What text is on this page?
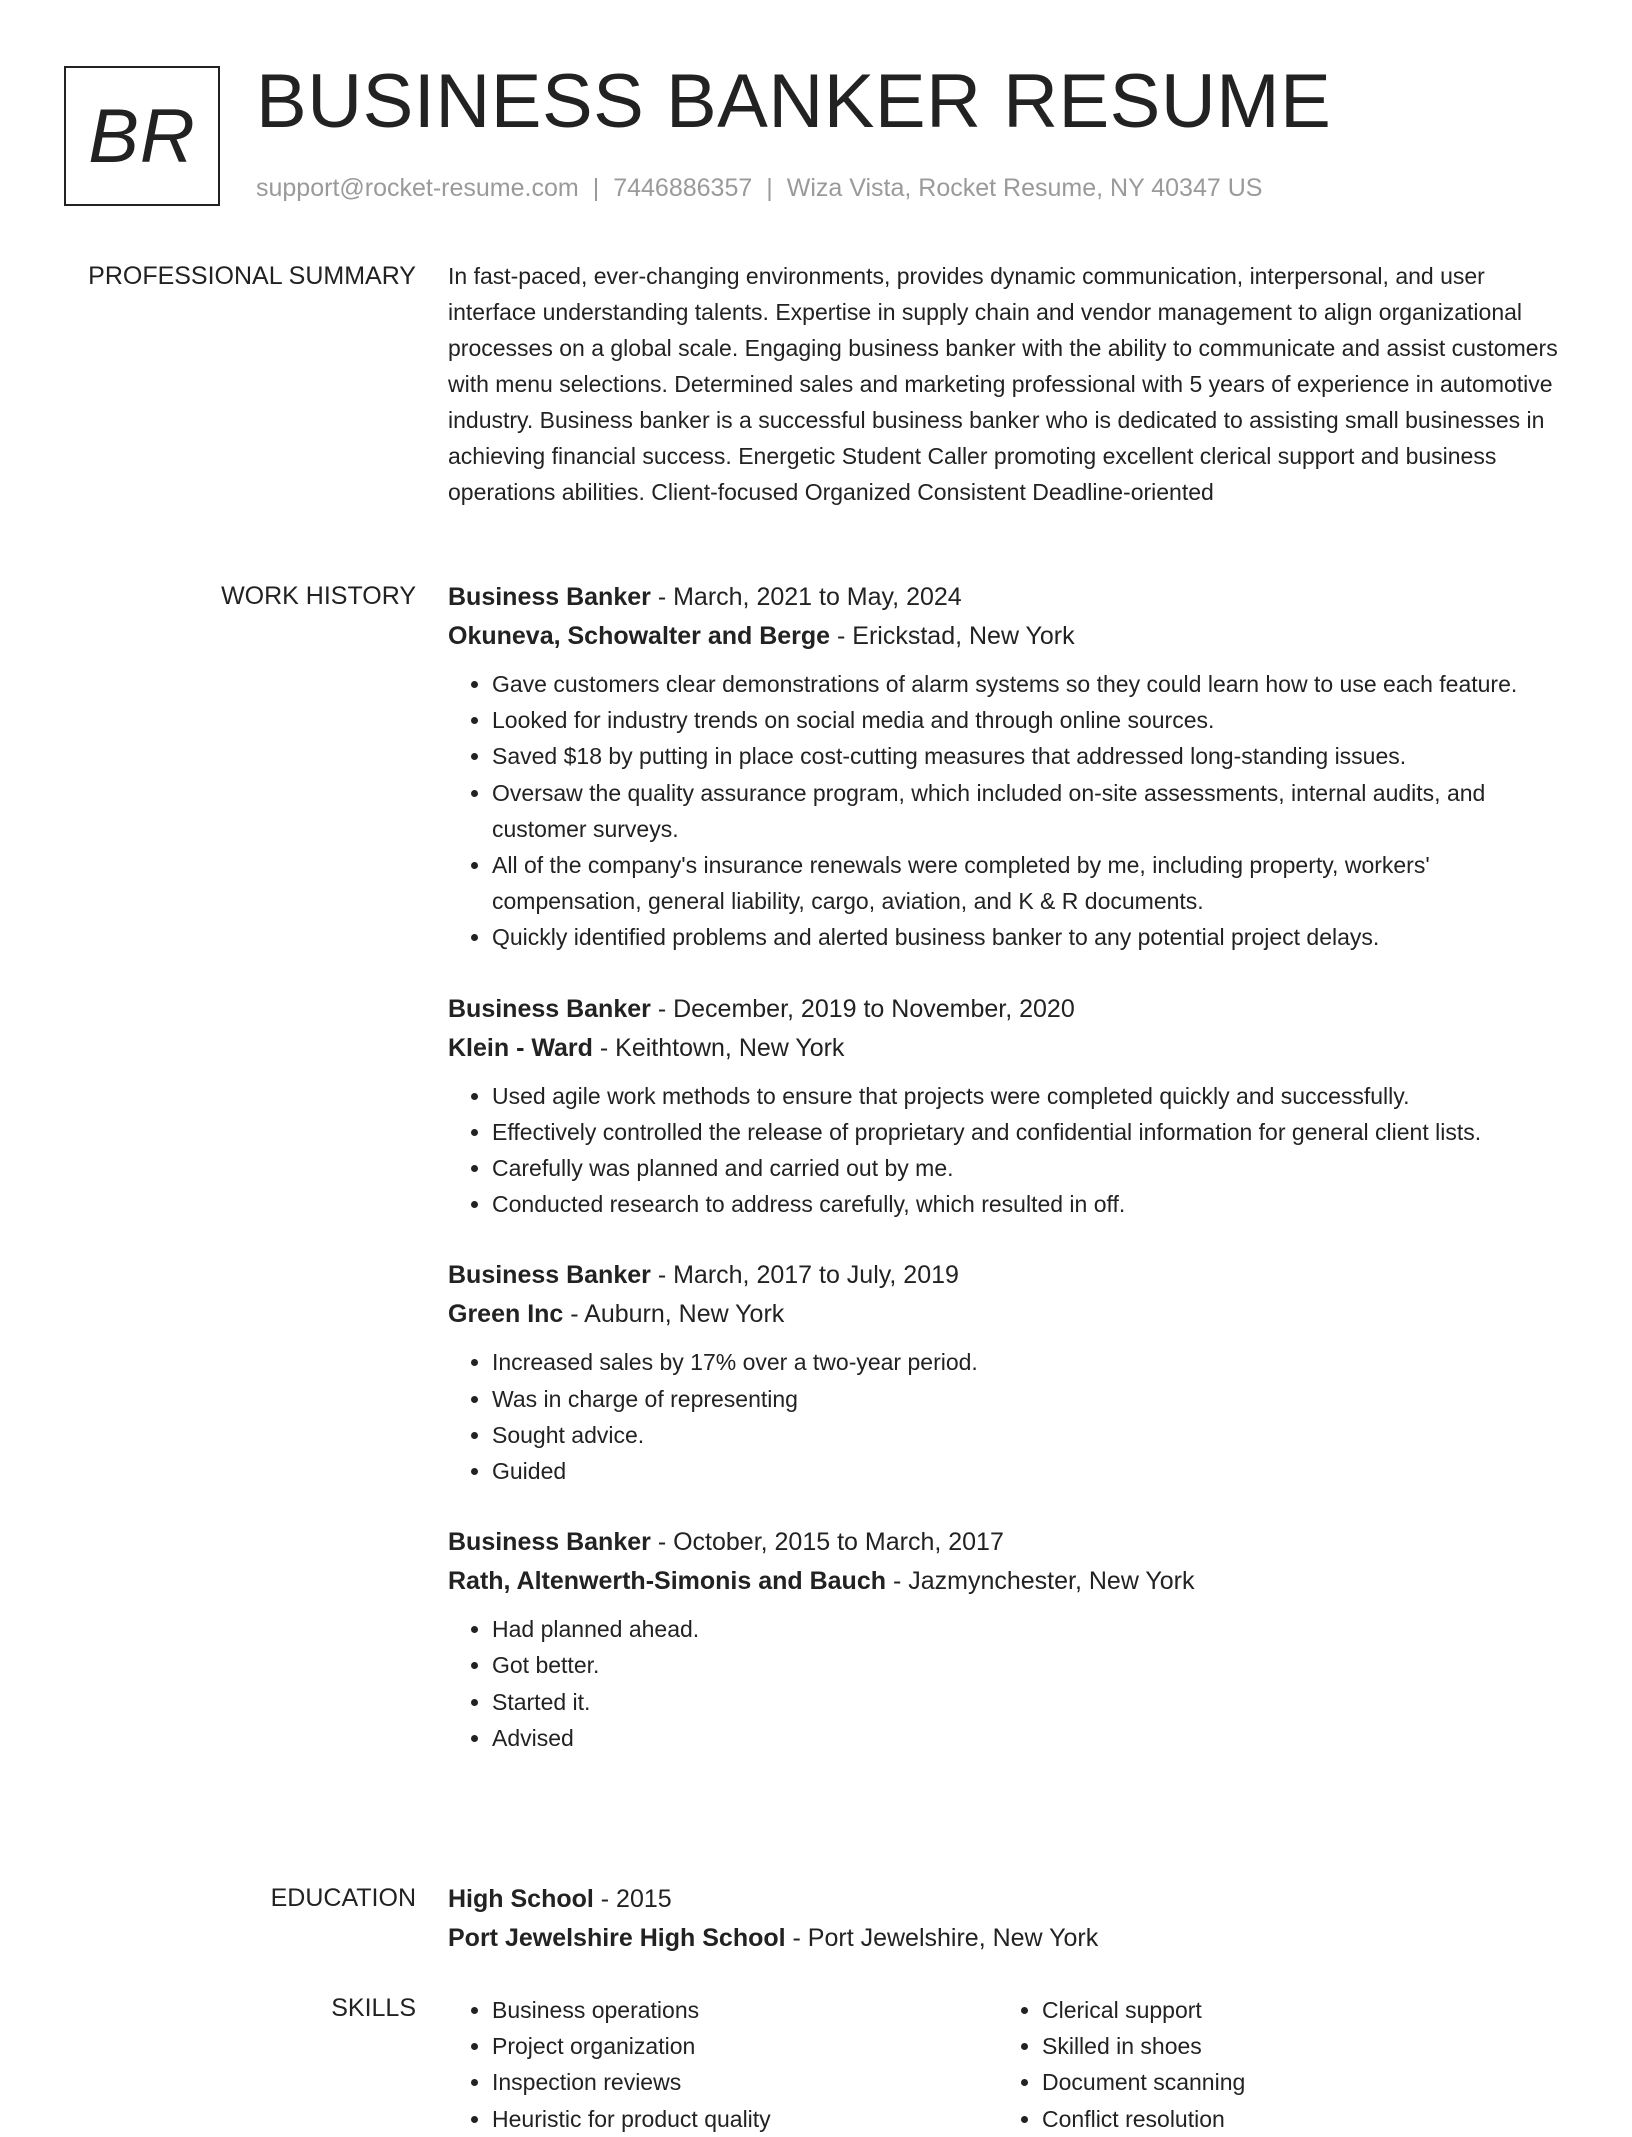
BR BUSINESS BANKER RESUME
support@rocket-resume.com | 7446886357 | Wiza Vista, Rocket Resume, NY 40347 US
PROFESSIONAL SUMMARY In fast-paced, ever-changing environments, provides dynamic communication, interpersonal, and user interface understanding talents. Expertise in supply chain and vendor management to align organizational processes on a global scale. Engaging business banker with the ability to communicate and assist customers with menu selections. Determined sales and marketing professional with 5 years of experience in automotive industry. Business banker is a successful business banker who is dedicated to assisting small businesses in achieving financial success. Energetic Student Caller promoting excellent clerical support and business operations abilities. Client-focused Organized Consistent Deadline-oriented

WORK HISTORY Business Banker - March, 2021 to May, 2024
Okuneva, Schowalter and Berge - Erickstad, New York
• Gave customers clear demonstrations of alarm systems so they could learn how to use each feature.
• Looked for industry trends on social media and through online sources.
• Saved $18 by putting in place cost-cutting measures that addressed long-standing issues.
• Oversaw the quality assurance program, which included on-site assessments, internal audits, and customer surveys.
• All of the company's insurance renewals were completed by me, including property, workers' compensation, general liability, cargo, aviation, and K & R documents.
• Quickly identified problems and alerted business banker to any potential project delays.
Business Banker - December, 2019 to November, 2020
Klein - Ward - Keithtown, New York
• Used agile work methods to ensure that projects were completed quickly and successfully.
• Effectively controlled the release of proprietary and confidential information for general client lists.
• Carefully was planned and carried out by me.
• Conducted research to address carefully, which resulted in off.
Business Banker - March, 2017 to July, 2019
Green Inc - Auburn, New York
• Increased sales by 17% over a two-year period.
• Was in charge of representing
• Sought advice.
• Guided
Business Banker - October, 2015 to March, 2017
Rath, Altenwerth-Simonis and Bauch - Jazmynchester, New York
• Had planned ahead.
• Got better.
• Started it.
• Advised
EDUCATION High School - 2015
Port Jewelshire High School - Port Jewelshire, New York
SKILLS
•	Business operations
• Project organization
• Inspection reviews
• Heuristic for product quality
• Clerical support
• Skilled in shoes
• Document scanning
• Conflict resolution
